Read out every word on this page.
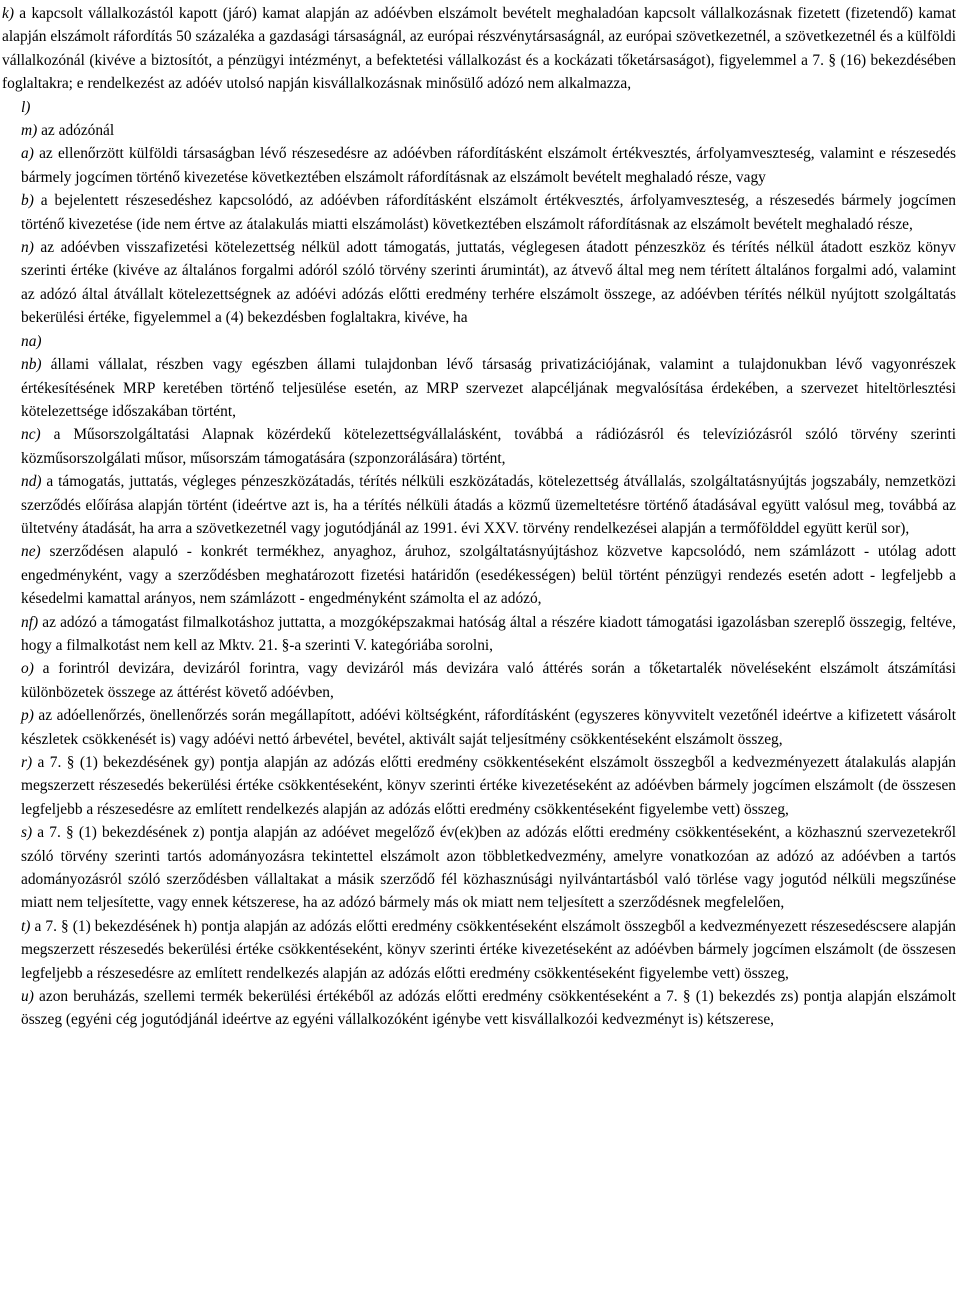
k) a kapcsolt vállalkozástól kapott (járó) kamat alapján az adóévben elszámolt bevételt meghaladóan kapcsolt vállalkozásnak fizetett (fizetendő) kamat alapján elszámolt ráfordítás 50 százaléka a gazdasági társaságnál, az európai részvénytársaságnál, az európai szövetkezetnél, a szövetkezetnél és a külföldi vállalkozónál (kivéve a biztosítót, a pénzügyi intézményt, a befektetési vállalkozást és a kockázati tőketársaságot), figyelemmel a 7. § (16) bekezdésében foglaltakra; e rendelkezést az adóév utolsó napján kisvállalkozásnak minősülő adózó nem alkalmazza,

l)

m) az adózónál

a) az ellenőrzött külföldi társaságban lévő részesedésre az adóévben ráfordításként elszámolt értékvesztés, árfolyamveszteség, valamint e részesedés bármely jogcímen történő kivezetése következtében elszámolt ráfordításnak az elszámolt bevételt meghaladó része, vagy

b) a bejelentett részesedéshez kapcsolódó, az adóévben ráfordításként elszámolt értékvesztés, árfolyamveszteség, a részesedés bármely jogcímen történő kivezetése (ide nem értve az átalakulás miatti elszámolást) következtében elszámolt ráfordításnak az elszámolt bevételt meghaladó része,

n) az adóévben visszafizetési kötelezettség nélkül adott támogatás, juttatás, véglegesen átadott pénzeszköz és térítés nélkül átadott eszköz könyv szerinti értéke (kivéve az általános forgalmi adóról szóló törvény szerinti árumintát), az átvevő által meg nem térített általános forgalmi adó, valamint az adózó által átvállalt kötelezettségnek az adóévi adózás előtti eredmény terhére elszámolt összege, az adóévben térítés nélkül nyújtott szolgáltatás bekerülési értéke, figyelemmel a (4) bekezdésben foglaltakra, kivéve, ha

na)

nb) állami vállalat, részben vagy egészben állami tulajdonban lévő társaság privatizációjának, valamint a tulajdonukban lévő vagyonrészek értékesítésének MRP keretében történő teljesülése esetén, az MRP szervezet alapcéljának megvalósítása érdekében, a szervezet hiteltörlesztési kötelezettsége időszakában történt,

nc) a Műsorszolgáltatási Alapnak közérdekű kötelezettségvállalásként, továbbá a rádiózásról és televíziózásról szóló törvény szerinti közműsorszolgálati műsor, műsorszám támogatására (szponzorálására) történt,

nd) a támogatás, juttatás, végleges pénzeszközátadás, térítés nélküli eszközátadás, kötelezettség átvállalás, szolgáltatásnyújtás jogszabály, nemzetközi szerződés előírása alapján történt (ideértve azt is, ha a térítés nélküli átadás a közmű üzemeltetésre történő átadásával együtt valósul meg, továbbá az ültetvény átadását, ha arra a szövetkezetnél vagy jogutódjánál az 1991. évi XXV. törvény rendelkezései alapján a termőfölddel együtt kerül sor),

ne) szerződésen alapuló - konkrét termékhez, anyaghoz, áruhoz, szolgáltatásnyújtáshoz közvetve kapcsolódó, nem számlázott - utólag adott engedményként, vagy a szerződésben meghatározott fizetési határidőn (esedékességen) belül történt pénzügyi rendezés esetén adott - legfeljebb a késedelmi kamattal arányos, nem számlázott - engedményként számolta el az adózó,

nf) az adózó a támogatást filmalkotáshoz juttatta, a mozgóképszakmai hatóság által a részére kiadott támogatási igazolásban szereplő összegig, feltéve, hogy a filmalkotást nem kell az Mktv. 21. §-a szerinti V. kategóriába sorolni,

o) a forintról devizára, devizáról forintra, vagy devizáról más devizára való áttérés során a tőketartalék növeléseként elszámolt átszámítási különbözetek összege az áttérést követő adóévben,

p) az adóellenőrzés, önellenőrzés során megállapított, adóévi költségként, ráfordításként (egyszeres könyvvitelt vezetőnél ideértve a kifizetett vásárolt készletek csökkenését is) vagy adóévi nettó árbevétel, bevétel, aktivált saját teljesítmény csökkentéseként elszámolt összeg,

r) a 7. § (1) bekezdésének gy) pontja alapján az adózás előtti eredmény csökkentéseként elszámolt összegből a kedvezményezett átalakulás alapján megszerzett részesedés bekerülési értéke csökkentéseként, könyv szerinti értéke kivezetéseként az adóévben bármely jogcímen elszámolt (de összesen legfeljebb a részesedésre az említett rendelkezés alapján az adózás előtti eredmény csökkentéseként figyelembe vett) összeg,

s) a 7. § (1) bekezdésének z) pontja alapján az adóévet megelőző év(ek)ben az adózás előtti eredmény csökkentéseként, a közhasznú szervezetekről szóló törvény szerinti tartós adományozásra tekintettel elszámolt azon többletkedvezmény, amelyre vonatkozóan az adózó az adóévben a tartós adományozásról szóló szerződésben vállaltakat a másik szerződő fél közhasznúsági nyilvántartásból való törlése vagy jogutód nélküli megszűnése miatt nem teljesítette, vagy ennek kétszerese, ha az adózó bármely más ok miatt nem teljesített a szerződésnek megfelelően,

t) a 7. § (1) bekezdésének h) pontja alapján az adózás előtti eredmény csökkentéseként elszámolt összegből a kedvezményezett részesedéscsere alapján megszerzett részesedés bekerülési értéke csökkentéseként, könyv szerinti értéke kivezetéseként az adóévben bármely jogcímen elszámolt (de összesen legfeljebb a részesedésre az említett rendelkezés alapján az adózás előtti eredmény csökkentéseként figyelembe vett) összeg,

u) azon beruházás, szellemi termék bekerülési értékéből az adózás előtti eredmény csökkentéseként a 7. § (1) bekezdés zs) pontja alapján elszámolt összeg (egyéni cég jogutódjánál ideértve az egyéni vállalkozóként igénybe vett kisvállalkozói kedvezményt is) kétszerese,
